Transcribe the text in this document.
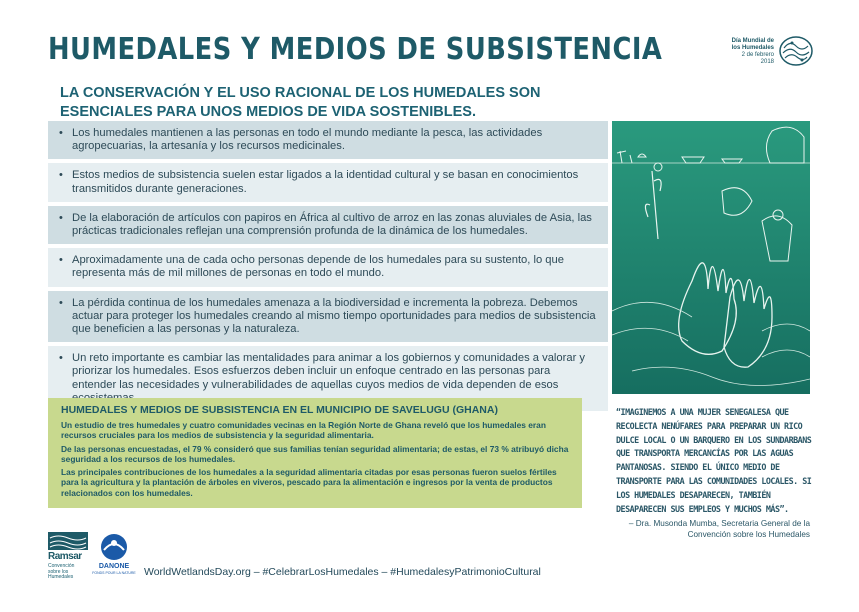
HUMEDALES Y MEDIOS DE SUBSISTENCIA	Día Mundial de
los Humedales
2 de febrero 2018
LA CONSERVACIÓN Y EL USO RACIONAL DE LOS HUMEDALES SON ESENCIALES PARA UNOS MEDIOS DE VIDA SOSTENIBLES.
• Los humedales mantienen a las personas en todo el mundo mediante la pesca, las actividades agropecuarias, la artesanía y los recursos medicinales.
• Estos medios de subsistencia suelen estar ligados a la identidad cultural y se basan en conocimientos transmitidos durante generaciones.
• De la elaboración de artículos con papiros en África al cultivo de arroz en las zonas aluviales de Asia, las prácticas tradicionales reflejan una comprensión profunda de la dinámica de los humedales.
• Aproximadamente una de cada ocho personas depende de los humedales para su sustento, lo que representa más de mil millones de personas en todo el mundo.
• La pérdida continua de los humedales amenaza a la biodiversidad e incrementa la pobreza. Debemos actuar para proteger los humedales creando al mismo tiempo oportunidades para medios de subsistencia que beneficien a las personas y la naturaleza.
• Un reto importante es cambiar las mentalidades para animar a los gobiernos y comunidades a valorar y priorizar los humedales. Esos esfuerzos deben incluir un enfoque centrado en las personas para entender las necesidades y vulnerabilidades de aquellas cuyos medios de vida dependen de esos
HUMEDALES Y MEDIOS DE SUBSISTENCIA EN EL MUNICIPIO DE SAVELUGU (GHANA)

Un estudio de tres humedales y cuatro comunidades vecinas en la Región Norte de Ghana reveló que los humedales eran recursos cruciales para los medios de subsistencia y la seguridad alimentaria.

De las personas encuestadas, el 79 % consideró que sus familias tenían seguridad alimentaria; de estas, el 73 % atribuyó dicha seguridad a los recursos de los humedales.

Las principales contribuciones de los humedales a la seguridad alimentaria citadas por esas personas fueron suelos fértiles para la agricultura y la plantación de árboles en viveros, pescado para la alimentación e ingresos por la venta de productos relacionados con los humedales.

“IMAGINEMOS A UNA MUJER SENEGALESA QUE RECOLECTA NENÚFARES PARA PREPARAR UN RICO DULCE LOCAL O UN BARQUERO EN LOS SUNDARBANS QUE TRANSPORTA MERCANCÍAS POR LAS AGUAS PANTANOSAS. SIENDO EL ÚNICO MEDIO DE TRANSPORTE PARA LAS COMUNIDADES LOCALES. SI LOS HUMEDALES DESAPARECEN, TAMBIÉN DESAPARECEN SUS EMPLEOS Y MUCHOS MÁS”.
– Dra. Musonda Mumba, Secretaria General de la Convención sobre los Humedales
Ramsar
Convención sobre los Humedales
DANONE
FONDS POUR LA NATURE WorldWetlandsDay.org – #CelebrarLosHumedales – #HumedalesyPatrimonioCultural
